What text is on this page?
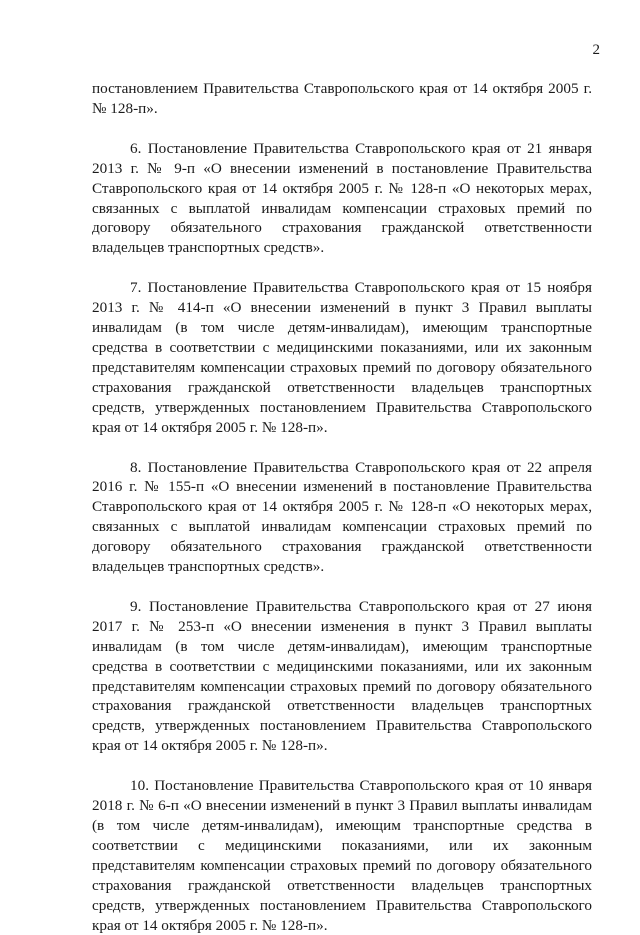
2

постановлением Правительства Ставропольского края от 14 октября 2005 г. № 128-п».

6. Постановление Правительства Ставропольского края от 21 января 2013 г. № 9-п «О внесении изменений в постановление Правительства Ставропольского края от 14 октября 2005 г. № 128-п «О некоторых мерах, связанных с выплатой инвалидам компенсации страховых премий по договору обязательного страхования гражданской ответственности владельцев транспортных средств».

7. Постановление Правительства Ставропольского края от 15 ноября 2013 г. № 414-п «О внесении изменений в пункт 3 Правил выплаты инвалидам (в том числе детям-инвалидам), имеющим транспортные средства в соответствии с медицинскими показаниями, или их законным представителям компенсации страховых премий по договору обязательного страхования гражданской ответственности владельцев транспортных средств, утвержденных постановлением Правительства Ставропольского края от 14 октября 2005 г. № 128-п».

8. Постановление Правительства Ставропольского края от 22 апреля 2016 г. № 155-п «О внесении изменений в постановление Правительства Ставропольского края от 14 октября 2005 г. № 128-п «О некоторых мерах, связанных с выплатой инвалидам компенсации страховых премий по договору обязательного страхования гражданской ответственности владельцев транспортных средств».

9. Постановление Правительства Ставропольского края от 27 июня 2017 г. № 253-п «О внесении изменения в пункт 3 Правил выплаты инвалидам (в том числе детям-инвалидам), имеющим транспортные средства в соответствии с медицинскими показаниями, или их законным представителям компенсации страховых премий по договору обязательного страхования гражданской ответственности владельцев транспортных средств, утвержденных постановлением Правительства Ставропольского края от 14 октября 2005 г. № 128-п».

10. Постановление Правительства Ставропольского края от 10 января 2018 г. № 6-п «О внесении изменений в пункт 3 Правил выплаты инвалидам (в том числе детям-инвалидам), имеющим транспортные средства в соответствии с медицинскими показаниями, или их законным представителям компенсации страховых премий по договору обязательного страхования гражданской ответственности владельцев транспортных средств, утвержденных постановлением Правительства Ставропольского края от 14 октября 2005 г. № 128-п».
